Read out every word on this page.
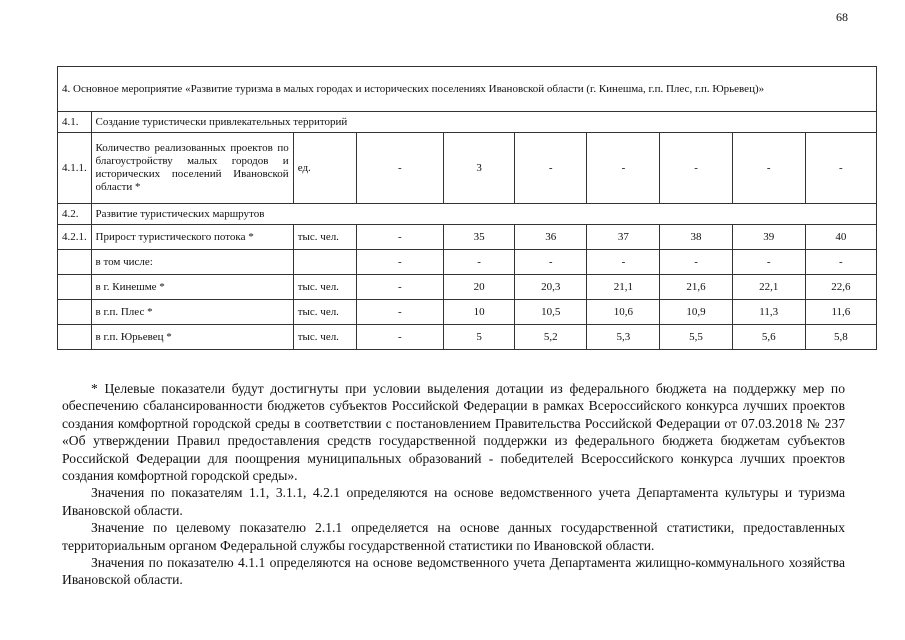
68
4. Основное мероприятие «Развитие туризма в малых городах и исторических поселениях Ивановской области (г. Кинешма, г.п. Плес, г.п. Юрьевец)»									
4.1.	Создание туристически привлекательных территорий								
4.1.1.	Количество реализованных проектов по благоустройству малых городов и исторических поселений Ивановской области *	ед.	-	3	-	-	-	-	-
4.2.	Развитие туристических маршрутов								
4.2.1.	Прирост туристического потока *	тыс. чел.	-	35	36	37	38	39	40
	в том числе:		-	-	-	-	-	-	-
	в г. Кинешме *	тыс. чел.	-	20	20,3	21,1	21,6	22,1	22,6
	в г.п. Плес *	тыс. чел.	-	10	10,5	10,6	10,9	11,3	11,6
	в г.п. Юрьевец *	тыс. чел.	-	5	5,2	5,3	5,5	5,6	5,8

* Целевые показатели будут достигнуты при условии выделения дотации из федерального бюджета на поддержку мер по обеспечению сбалансированности бюджетов субъектов Российской Федерации в рамках Всероссийского конкурса лучших проектов создания комфортной городской среды в соответствии с постановлением Правительства Российской Федерации от 07.03.2018 № 237 «Об утверждении Правил предоставления средств государственной поддержки из федерального бюджета бюджетам субъектов Российской Федерации для поощрения муниципальных образований - победителей Всероссийского конкурса лучших проектов создания комфортной городской среды».

Значения по показателям 1.1, 3.1.1, 4.2.1 определяются на основе ведомственного учета Департамента культуры и туризма Ивановской области.

Значение по целевому показателю 2.1.1 определяется на основе данных государственной статистики, предоставленных территориальным органом Федеральной службы государственной статистики по Ивановской области.

Значения по показателю 4.1.1 определяются на основе ведомственного учета Департамента жилищно-коммунального хозяйства Ивановской области.
